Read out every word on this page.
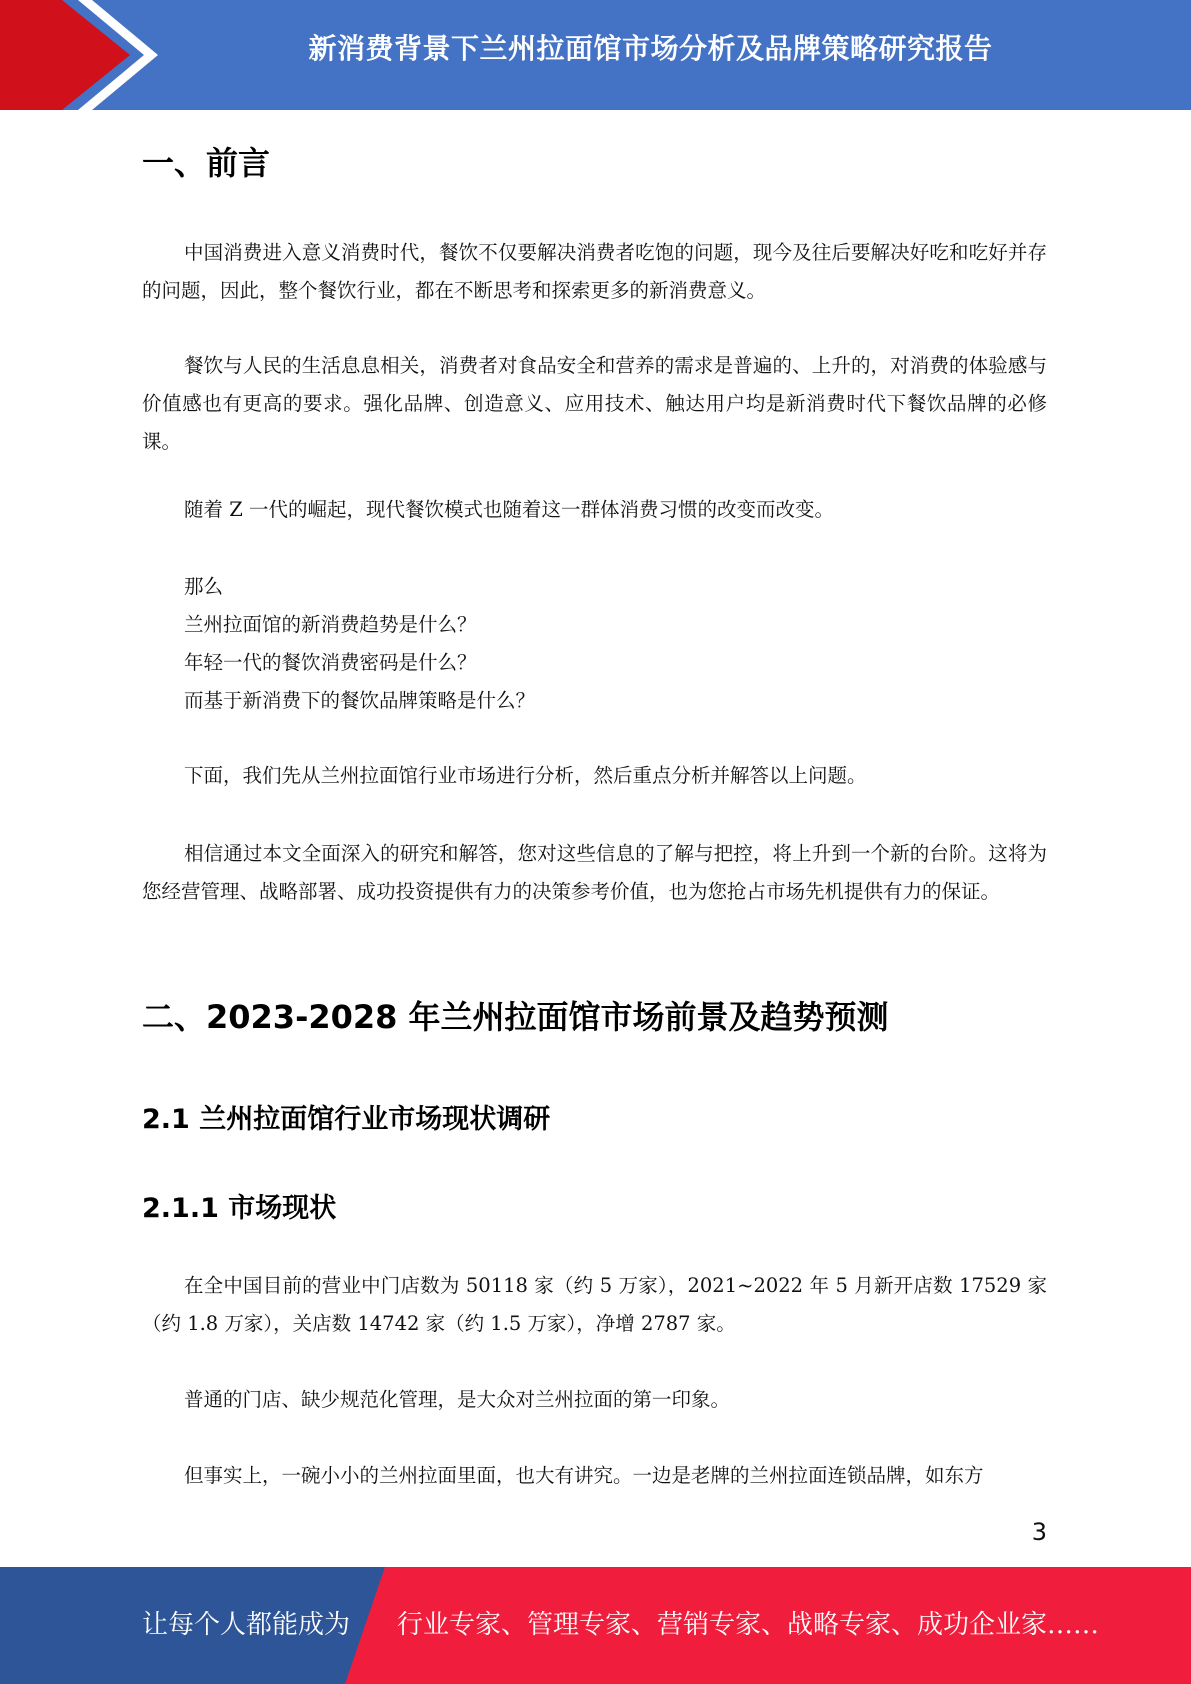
新消费背景下兰州拉面馆市场分析及品牌策略研究报告
一、前言

中国消费进入意义消费时代，餐饮不仅要解决消费者吃饱的问题，现今及往后要解决好吃和吃好并存的问题，因此，整个餐饮行业，都在不断思考和探索更多的新消费意义。

餐饮与人民的生活息息相关，消费者对食品安全和营养的需求是普遍的、上升的，对消费的体验感与价值感也有更高的要求。强化品牌、创造意义、应用技术、触达用户均是新消费时代下餐饮品牌的必修课。

随着 Z 一代的崛起，现代餐饮模式也随着这一群体消费习惯的改变而改变。

那么
兰州拉面馆的新消费趋势是什么？
年轻一代的餐饮消费密码是什么？
而基于新消费下的餐饮品牌策略是什么？

下面，我们先从兰州拉面馆行业市场进行分析，然后重点分析并解答以上问题。

相信通过本文全面深入的研究和解答，您对这些信息的了解与把控，将上升到一个新的台阶。这将为您经营管理、战略部署、成功投资提供有力的决策参考价值，也为您抢占市场先机提供有力的保证。

二、2023-2028 年兰州拉面馆市场前景及趋势预测
2.1 兰州拉面馆行业市场现状调研
2.1.1 市场现状

在全中国目前的营业中门店数为 50118 家（约 5 万家），2021~2022 年 5 月新开店数 17529 家（约 1.8 万家），关店数 14742 家（约 1.5 万家），净增 2787 家。

普通的门店、缺少规范化管理，是大众对兰州拉面的第一印象。

但事实上，一碗小小的兰州拉面里面，也大有讲究。一边是老牌的兰州拉面连锁品牌，如东方

3
让每个人都能成为 行业专家、管理专家、营销专家、战略专家、成功企业家……
